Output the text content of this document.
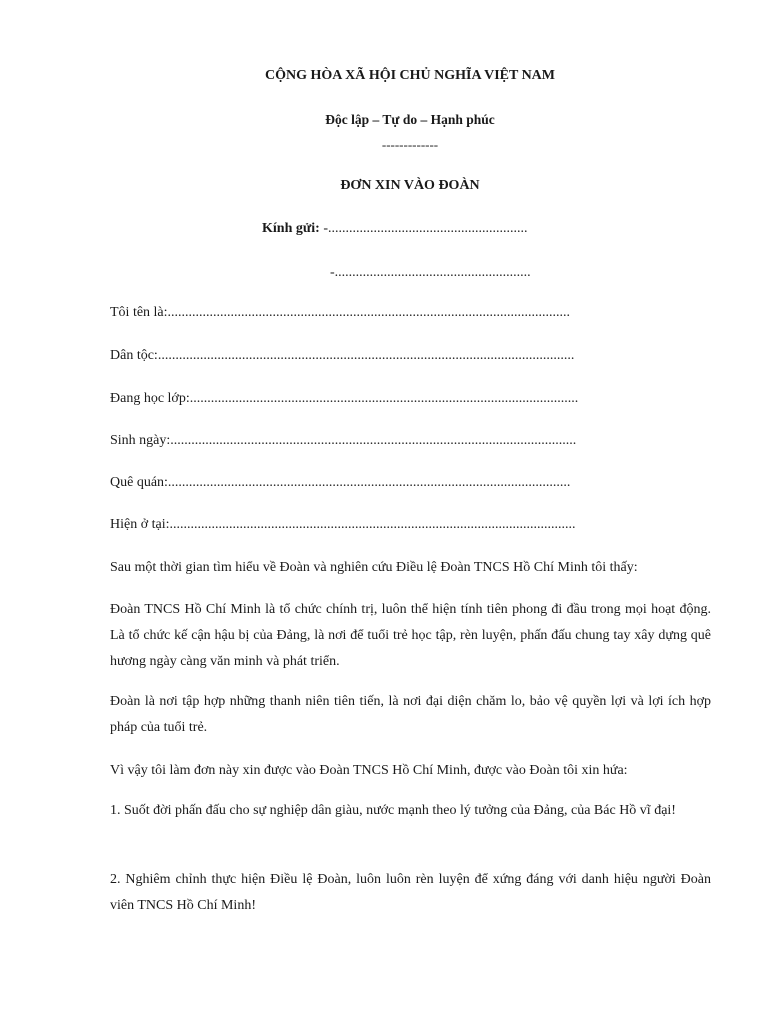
CỘNG HÒA XÃ HỘI CHỦ NGHĨA VIỆT NAM
Độc lập – Tự do – Hạnh phúc
-------------
ĐƠN XIN VÀO ĐOÀN
Kính gửi: -.........................................................
-........................................................
Tôi tên là:...................................................................................................................
Dân tộc:.......................................................................................................................
Đang học lớp:...............................................................................................................
Sinh ngày:....................................................................................................................
Quê quán:...................................................................................................................
Hiện ở tại:....................................................................................................................

Sau một thời gian tìm hiểu về Đoàn và nghiên cứu Điều lệ Đoàn TNCS Hồ Chí Minh tôi thấy:

Đoàn TNCS Hồ Chí Minh là tổ chức chính trị, luôn thể hiện tính tiên phong đi đầu trong mọi hoạt động. Là tổ chức kế cận hậu bị của Đảng, là nơi để tuổi trẻ học tập, rèn luyện, phấn đấu chung tay xây dựng quê hương ngày càng văn minh và phát triển.

Đoàn là nơi tập hợp những thanh niên tiên tiến, là nơi đại diện chăm lo, bảo vệ quyền lợi và lợi ích hợp pháp của tuổi trẻ.

Vì vậy tôi làm đơn này xin được vào Đoàn TNCS Hồ Chí Minh, được vào Đoàn tôi xin hứa:

1. Suốt đời phấn đấu cho sự nghiệp dân giàu, nước mạnh theo lý tưởng của Đảng, của Bác Hồ vĩ đại!

2. Nghiêm chỉnh thực hiện Điều lệ Đoàn, luôn luôn rèn luyện để xứng đáng với danh hiệu người Đoàn viên TNCS Hồ Chí Minh!
